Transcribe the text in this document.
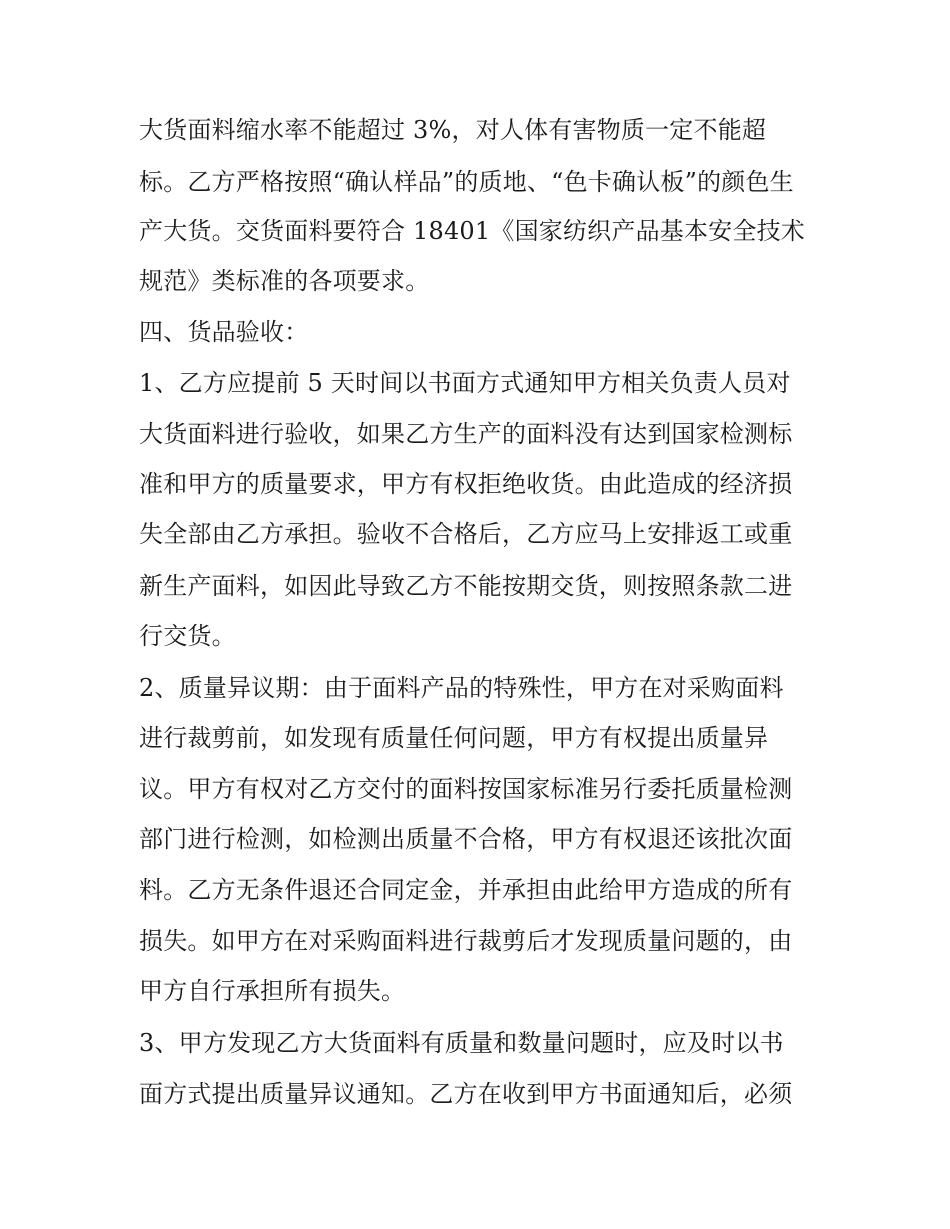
大货面料缩水率不能超过 3%，对人体有害物质一定不能超
标。乙方严格按照“确认样品”的质地、“色卡确认板”的颜色生
产大货。交货面料要符合 18401《国家纺织产品基本安全技术
规范》类标准的各项要求。
四、货品验收：
1、乙方应提前 5 天时间以书面方式通知甲方相关负责人员对
大货面料进行验收，如果乙方生产的面料没有达到国家检测标
准和甲方的质量要求，甲方有权拒绝收货。由此造成的经济损
失全部由乙方承担。验收不合格后，乙方应马上安排返工或重
新生产面料，如因此导致乙方不能按期交货，则按照条款二进
行交货。
2、质量异议期：由于面料产品的特殊性，甲方在对采购面料
进行裁剪前，如发现有质量任何问题，甲方有权提出质量异
议。甲方有权对乙方交付的面料按国家标准另行委托质量检测
部门进行检测，如检测出质量不合格，甲方有权退还该批次面
料。乙方无条件退还合同定金，并承担由此给甲方造成的所有
损失。如甲方在对采购面料进行裁剪后才发现质量问题的，由
甲方自行承担所有损失。
3、甲方发现乙方大货面料有质量和数量问题时，应及时以书
面方式提出质量异议通知。乙方在收到甲方书面通知后，必须
